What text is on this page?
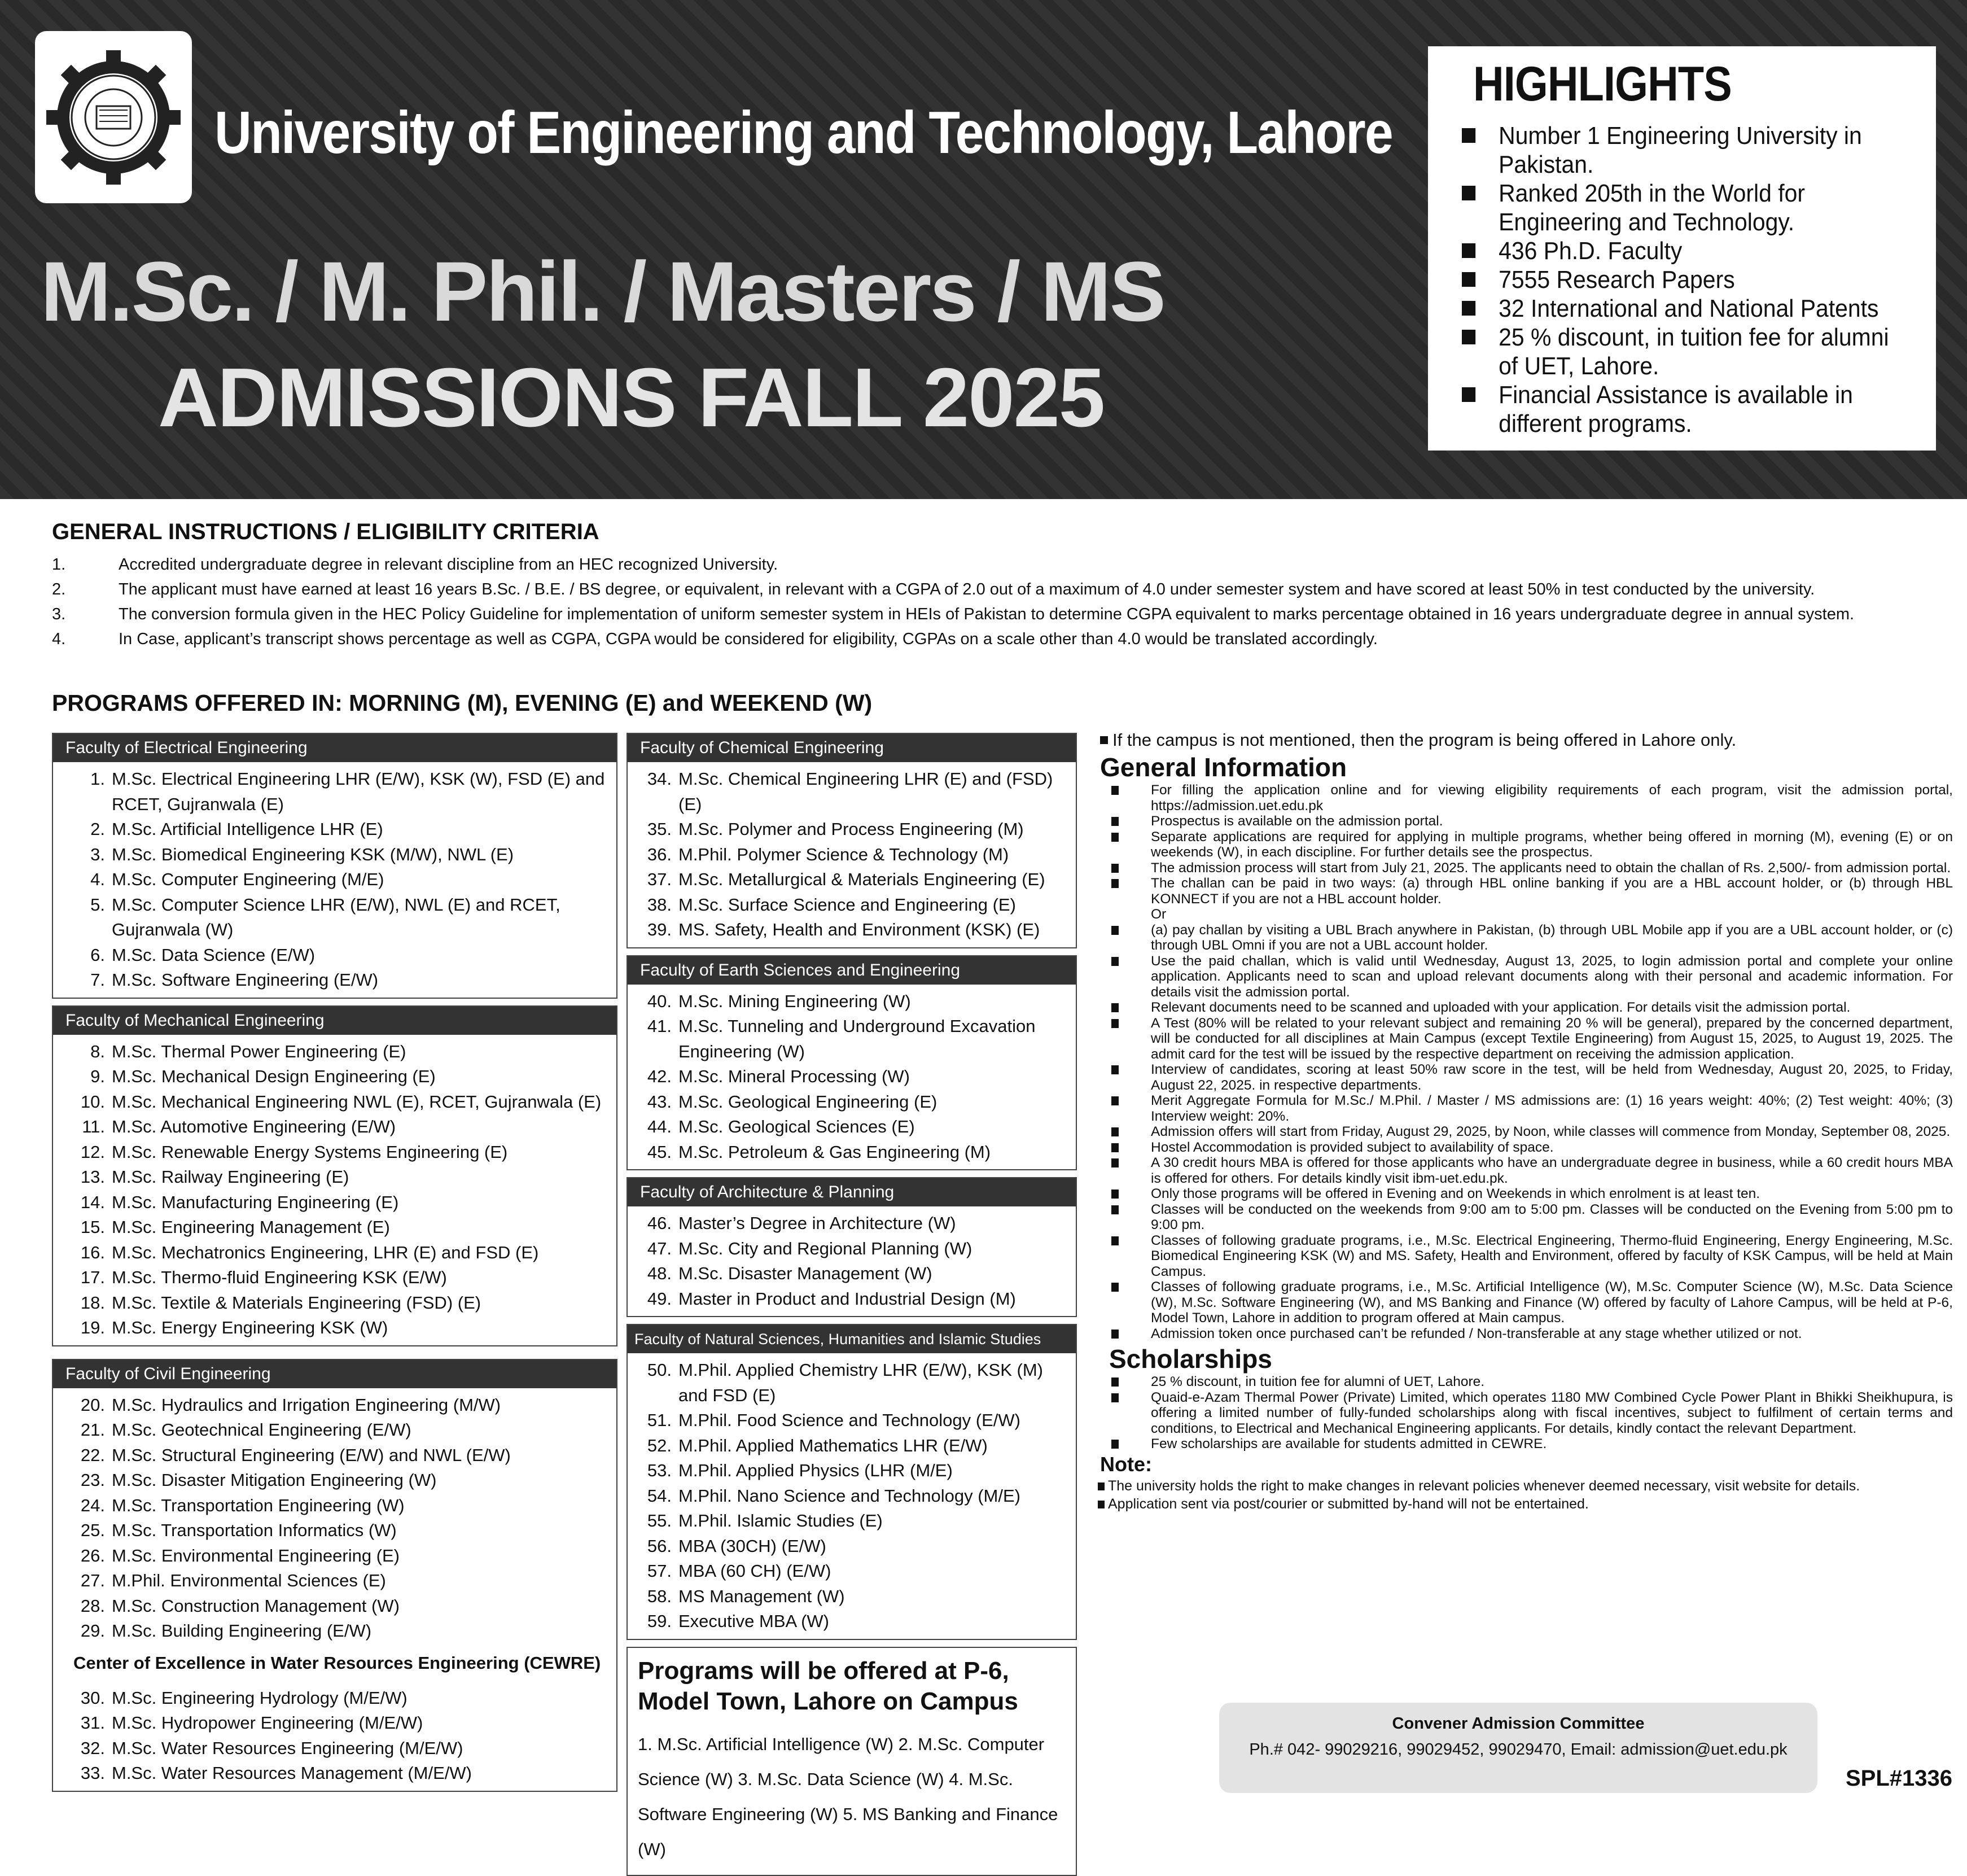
University of Engineering and Technology, Lahore
M.Sc. / M. Phil. / Masters / MS
ADMISSIONS FALL 2025
HIGHLIGHTS
Number 1 Engineering University in Pakistan.
Ranked 205th in the World for Engineering and Technology.
436 Ph.D. Faculty
7555 Research Papers
32 International and National Patents
25 % discount, in tuition fee for alumni of UET, Lahore.
Financial Assistance is available in different programs.
GENERAL INSTRUCTIONS / ELIGIBILITY CRITERIA
1.	Accredited undergraduate degree in relevant discipline from an HEC recognized University.
2.	The applicant must have earned at least 16 years B.Sc. / B.E. / BS degree, or equivalent, in relevant with a CGPA of 2.0 out of a maximum of 4.0 under semester system and have scored at least 50% in test conducted by the university.
3.	The conversion formula given in the HEC Policy Guideline for implementation of uniform semester system in HEIs of Pakistan to determine CGPA equivalent to marks percentage obtained in 16 years undergraduate degree in annual system.
4.	In Case, applicant’s transcript shows percentage as well as CGPA, CGPA would be considered for eligibility, CGPAs on a scale other than 4.0 would be translated accordingly.
PROGRAMS OFFERED IN: MORNING (M), EVENING (E) and WEEKEND (W)
Faculty of Electrical Engineering
1. M.Sc. Electrical Engineering LHR (E/W), KSK (W), FSD (E) and RCET, Gujranwala (E)
2. M.Sc. Artificial Intelligence LHR (E)
3. M.Sc. Biomedical Engineering KSK (M/W), NWL (E)
4. M.Sc. Computer Engineering (M/E)
5. M.Sc. Computer Science LHR (E/W), NWL (E) and RCET, Gujranwala (W)
6. M.Sc. Data Science (E/W)
7. M.Sc. Software Engineering (E/W)
Faculty of Mechanical Engineering
8. M.Sc. Thermal Power Engineering (E)
9. M.Sc. Mechanical Design Engineering (E)
10. M.Sc. Mechanical Engineering NWL (E), RCET, Gujranwala (E)
11. M.Sc. Automotive Engineering (E/W)
12. M.Sc. Renewable Energy Systems Engineering (E)
13. M.Sc. Railway Engineering (E)
14. M.Sc. Manufacturing Engineering (E)
15. M.Sc. Engineering Management (E)
16. M.Sc. Mechatronics Engineering, LHR (E) and FSD (E)
17. M.Sc. Thermo-fluid Engineering KSK (E/W)
18. M.Sc. Textile & Materials Engineering (FSD) (E)
19. M.Sc. Energy Engineering KSK (W)
Faculty of Civil Engineering
20. M.Sc. Hydraulics and Irrigation Engineering (M/W)
21. M.Sc. Geotechnical Engineering (E/W)
22. M.Sc. Structural Engineering (E/W) and NWL (E/W)
23. M.Sc. Disaster Mitigation Engineering (W)
24. M.Sc. Transportation Engineering (W)
25. M.Sc. Transportation Informatics (W)
26. M.Sc. Environmental Engineering (E)
27. M.Phil. Environmental Sciences (E)
28. M.Sc. Construction Management (W)
29. M.Sc. Building Engineering (E/W)
Center of Excellence in Water Resources Engineering (CEWRE)
30. M.Sc. Engineering Hydrology (M/E/W)
31. M.Sc. Hydropower Engineering (M/E/W)
32. M.Sc. Water Resources Engineering (M/E/W)
33. M.Sc. Water Resources Management (M/E/W)
Faculty of Chemical Engineering
34. M.Sc. Chemical Engineering LHR (E) and (FSD) (E)
35. M.Sc. Polymer and Process Engineering (M)
36. M.Phil. Polymer Science & Technology (M)
37. M.Sc. Metallurgical & Materials Engineering (E)
38. M.Sc. Surface Science and Engineering (E)
39. MS. Safety, Health and Environment (KSK) (E)
Faculty of Earth Sciences and Engineering
40. M.Sc. Mining Engineering (W)
41. M.Sc. Tunneling and Underground Excavation Engineering (W)
42. M.Sc. Mineral Processing (W)
43. M.Sc. Geological Engineering (E)
44. M.Sc. Geological Sciences (E)
45. M.Sc. Petroleum & Gas Engineering (M)
Faculty of Architecture & Planning
46. Master’s Degree in Architecture (W)
47. M.Sc. City and Regional Planning (W)
48. M.Sc. Disaster Management (W)
49. Master in Product and Industrial Design (M)
Faculty of Natural Sciences, Humanities and Islamic Studies
50. M.Phil. Applied Chemistry LHR (E/W), KSK (M) and FSD (E)
51. M.Phil. Food Science and Technology (E/W)
52. M.Phil. Applied Mathematics LHR (E/W)
53. M.Phil. Applied Physics (LHR (M/E)
54. M.Phil. Nano Science and Technology (M/E)
55. M.Phil. Islamic Studies (E)
56. MBA (30CH) (E/W)
57. MBA (60 CH) (E/W)
58. MS Management (W)
59. Executive MBA (W)
Programs will be offered at P-6, Model Town, Lahore on Campus
1. M.Sc. Artificial Intelligence (W) 2. M.Sc. Computer Science (W) 3. M.Sc. Data Science (W) 4. M.Sc. Software Engineering (W) 5. MS Banking and Finance (W)
If the campus is not mentioned, then the program is being offered in Lahore only.
General Information
For filling the application online and for viewing eligibility requirements of each program, visit the admission portal, https://admission.uet.edu.pk
Prospectus is available on the admission portal.
Separate applications are required for applying in multiple programs, whether being offered in morning (M), evening (E) or on weekends (W), in each discipline. For further details see the prospectus.
The admission process will start from July 21, 2025. The applicants need to obtain the challan of Rs. 2,500/- from admission portal.
The challan can be paid in two ways: (a) through HBL online banking if you are a HBL account holder, or (b) through HBL KONNECT if you are not a HBL account holder.
Or
(a) pay challan by visiting a UBL Brach anywhere in Pakistan, (b) through UBL Mobile app if you are a UBL account holder, or (c) through UBL Omni if you are not a UBL account holder.
Use the paid challan, which is valid until Wednesday, August 13, 2025, to login admission portal and complete your online application. Applicants need to scan and upload relevant documents along with their personal and academic information. For details visit the admission portal.
Relevant documents need to be scanned and uploaded with your application. For details visit the admission portal.
A Test (80% will be related to your relevant subject and remaining 20 % will be general), prepared by the concerned department, will be conducted for all disciplines at Main Campus (except Textile Engineering) from August 15, 2025, to August 19, 2025. The admit card for the test will be issued by the respective department on receiving the admission application.
Interview of candidates, scoring at least 50% raw score in the test, will be held from Wednesday, August 20, 2025, to Friday, August 22, 2025. in respective departments.
Merit Aggregate Formula for M.Sc./ M.Phil. / Master / MS admissions are: (1) 16 years weight: 40%; (2) Test weight: 40%; (3) Interview weight: 20%.
Admission offers will start from Friday, August 29, 2025, by Noon, while classes will commence from Monday, September 08, 2025.
Hostel Accommodation is provided subject to availability of space.
A 30 credit hours MBA is offered for those applicants who have an undergraduate degree in business, while a 60 credit hours MBA is offered for others. For details kindly visit ibm-uet.edu.pk.
Only those programs will be offered in Evening and on Weekends in which enrolment is at least ten.
Classes will be conducted on the weekends from 9:00 am to 5:00 pm. Classes will be conducted on the Evening from 5:00 pm to 9:00 pm.
Classes of following graduate programs, i.e., M.Sc. Electrical Engineering, Thermo-fluid Engineering, Energy Engineering, M.Sc. Biomedical Engineering KSK (W) and MS. Safety, Health and Environment, offered by faculty of KSK Campus, will be held at Main Campus.
Classes of following graduate programs, i.e., M.Sc. Artificial Intelligence (W), M.Sc. Computer Science (W), M.Sc. Data Science (W), M.Sc. Software Engineering (W), and MS Banking and Finance (W) offered by faculty of Lahore Campus, will be held at P-6, Model Town, Lahore in addition to program offered at Main campus.
Admission token once purchased can’t be refunded / Non-transferable at any stage whether utilized or not.
Scholarships
25 % discount, in tuition fee for alumni of UET, Lahore.
Quaid-e-Azam Thermal Power (Private) Limited, which operates 1180 MW Combined Cycle Power Plant in Bhikki Sheikhupura, is offering a limited number of fully-funded scholarships along with fiscal incentives, subject to fulfilment of certain terms and conditions, to Electrical and Mechanical Engineering applicants. For details, kindly contact the relevant Department.
Few scholarships are available for students admitted in CEWRE.
Note:
The university holds the right to make changes in relevant policies whenever deemed necessary, visit website for details.
Application sent via post/courier or submitted by-hand will not be entertained.
Convener Admission Committee
Ph.# 042- 99029216, 99029452, 99029470, Email: admission@uet.edu.pk
SPL#1336
